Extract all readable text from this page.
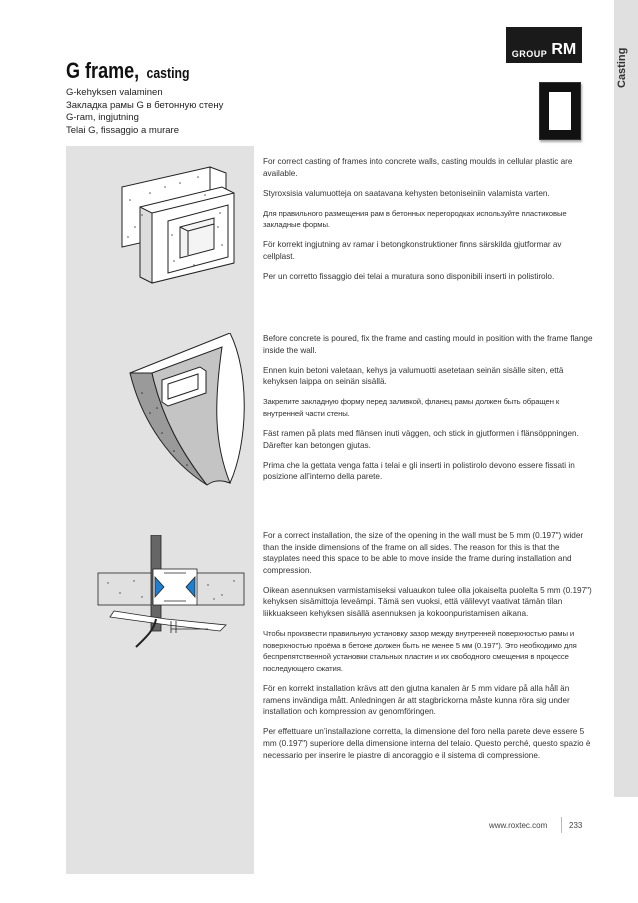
G frame, casting
G-kehyksen valaminen
Закладка рамы G в бетонную стену
G-ram, ingjutning
Telai G, fissaggio a murare
GROUP RM	Casting

For correct casting of frames into concrete walls, casting moulds in cellular plastic are available.

Styroxsisia valumuotteja on saatavana kehysten betoniseiniin valamista varten.

Для правильного размещения рам в бетонных перегородках используйте пластиковые закладные формы.

För korrekt ingjutning av ramar i betongkonstruktioner finns särskilda gjutformar av cellplast.

Per un corretto fissaggio dei telai a muratura sono disponibili inserti in polistirolo.

Before concrete is poured, fix the frame and casting mould in position with the frame flange inside the wall.

Ennen kuin betoni valetaan, kehys ja valumuotti asetetaan seinän sisälle siten, että kehyksen laippa on seinän sisällä.

Закрепите закладную форму перед заливкой, фланец рамы должен быть обращен к внутренней части стены.

Fäst ramen på plats med flänsen inuti väggen, och stick in gjutformen i flänsöppningen. Därefter kan betongen gjutas.

Prima che la gettata venga fatta i telai e gli inserti in polistirolo devono essere fissati in posizione all’interno della parete.

For a correct installation, the size of the opening in the wall must be 5 mm (0.197") wider than the inside dimensions of the frame on all sides. The reason for this is that the stayplates need this space to be able to move inside the frame during installation and compression.

Oikean asennuksen varmistamiseksi valuaukon tulee olla jokaiselta puolelta 5 mm (0.197") kehyksen sisämittoja leveämpi. Tämä sen vuoksi, että välilevyt vaativat tämän tilan liikkuakseen kehyksen sisällä asennuksen ja kokoonpuristamisen aikana.

Чтобы произвести правильную установку зазор между внутренней поверхностью рамы и поверхностью проёма в бетоне должен быть не менее 5 мм (0.197"). Это необходимо для беспрепятственной установки стальных пластин и их свободного смещения в процессе последующего сжатия.

För en korrekt installation krävs att den gjutna kanalen är 5 mm vidare på alla håll än ramens invändiga mått. Anledningen är att stagbrickorna måste kunna röra sig under installation och kompression av genomföringen.

Per effettuare un’installazione corretta, la dimensione del foro nella parete deve essere 5 mm (0.197") superiore della dimensione interna del telaio. Questo perché, questo spazio è necessario per inserire le piastre di ancoraggio e il sistema di compressione.

www.roxtec.com	233
